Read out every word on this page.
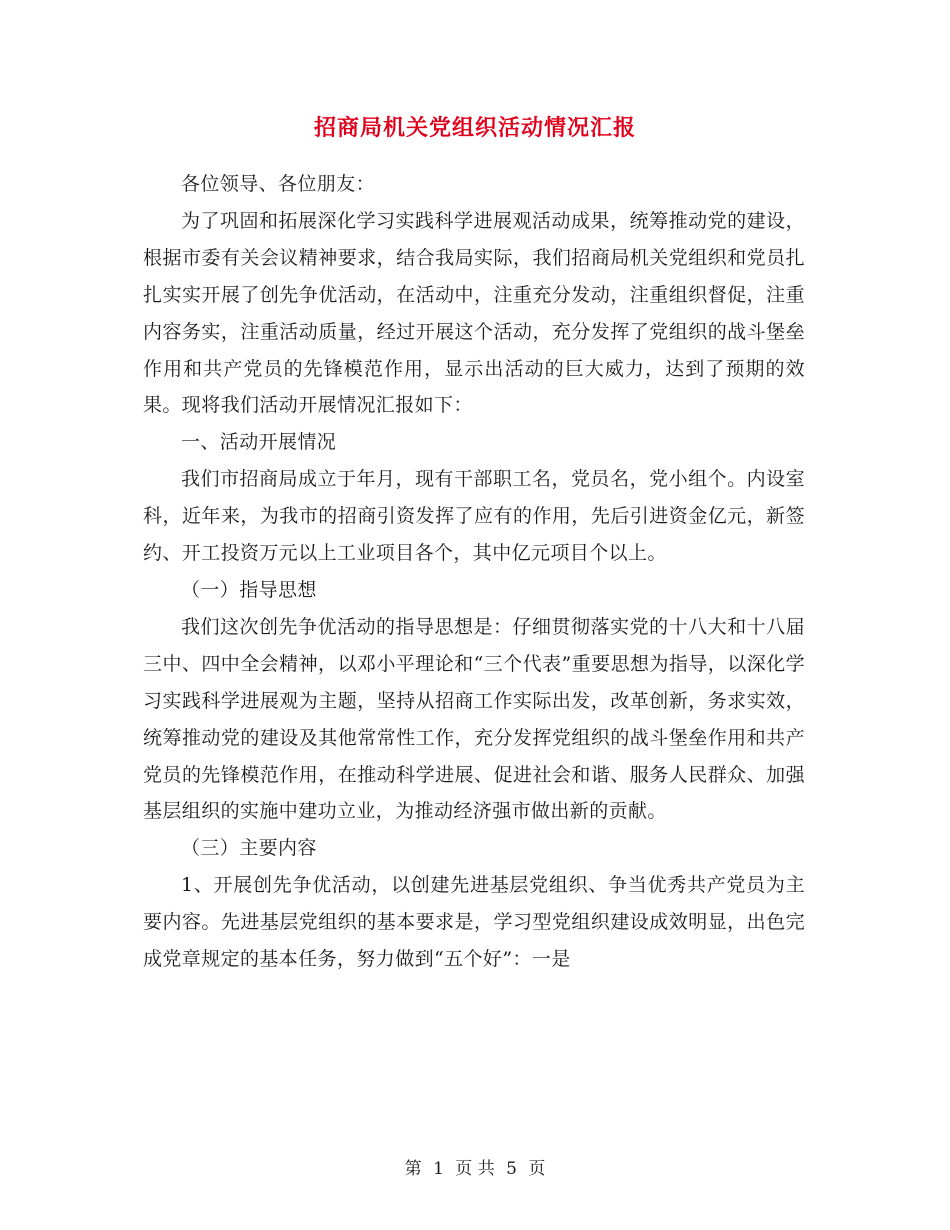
招商局机关党组织活动情况汇报

各位领导、各位朋友：

为了巩固和拓展深化学习实践科学进展观活动成果，统筹推动党的建设，根据市委有关会议精神要求，结合我局实际，我们招商局机关党组织和党员扎扎实实开展了创先争优活动，在活动中，注重充分发动，注重组织督促，注重内容务实，注重活动质量，经过开展这个活动，充分发挥了党组织的战斗堡垒作用和共产党员的先锋模范作用，显示出活动的巨大威力，达到了预期的效果。现将我们活动开展情况汇报如下：

一、活动开展情况

我们市招商局成立于年月，现有干部职工名，党员名，党小组个。内设室科，近年来，为我市的招商引资发挥了应有的作用，先后引进资金亿元，新签约、开工投资万元以上工业项目各个，其中亿元项目个以上。

（一）指导思想

我们这次创先争优活动的指导思想是：仔细贯彻落实党的十八大和十八届三中、四中全会精神，以邓小平理论和“三个代表”重要思想为指导，以深化学习实践科学进展观为主题，坚持从招商工作实际出发，改革创新，务求实效，统筹推动党的建设及其他常常性工作，充分发挥党组织的战斗堡垒作用和共产党员的先锋模范作用，在推动科学进展、促进社会和谐、服务人民群众、加强基层组织的实施中建功立业，为推动经济强市做出新的贡献。

（三）主要内容

1、开展创先争优活动，以创建先进基层党组织、争当优秀共产党员为主要内容。先进基层党组织的基本要求是，学习型党组织建设成效明显，出色完成党章规定的基本任务，努力做到“五个好”：一是

第 1 页 共 5 页
